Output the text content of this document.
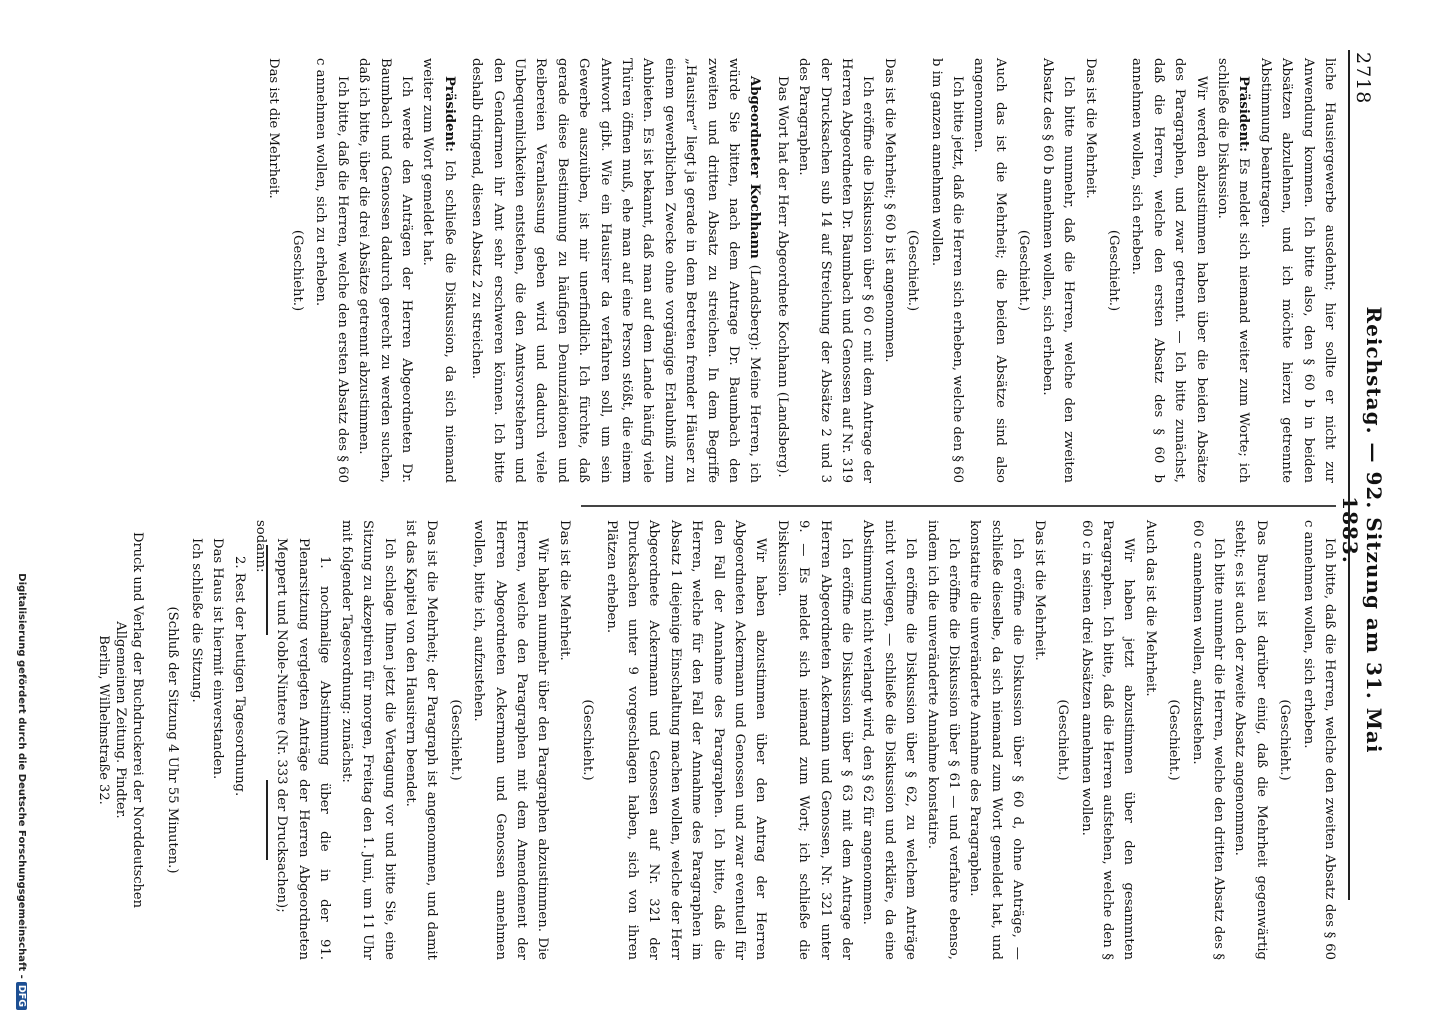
2718
Reichstag. — 92. Sitzung am 31. Mai 1883.

liche Hausiergewerbe ausdehnt; hier sollte er nicht zur Anwendung kommen. Ich bitte also, den § 60 b in beiden Absätzen abzulehnen, und ich möchte hierzu getrennte Abstimmung beantragen.

Präsident: Es meldet sich niemand weiter zum Worte; ich schließe die Diskussion.

Wir werden abzustimmen haben über die beiden Absätze des Paragraphen, und zwar getrennt. — Ich bitte zunächst, daß die Herren, welche den ersten Absatz des § 60 b annehmen wollen, sich erheben.

(Geschieht.)

Das ist die Mehrheit.

Ich bitte nunmehr, daß die Herren, welche den zweiten Absatz des § 60 b annehmen wollen, sich erheben.

(Geschieht.)

Auch das ist die Mehrheit; die beiden Absätze sind also angenommen.

Ich bitte jetzt, daß die Herren sich erheben, welche den § 60 b im ganzen annehmen wollen.

(Geschieht.)

Das ist die Mehrheit; § 60 b ist angenommen.

Ich eröffne die Diskussion über § 60 c mit dem Antrage der Herren Abgeordneten Dr. Baumbach und Genossen auf Nr. 319 der Drucksachen sub 14 auf Streichung der Absätze 2 und 3 des Paragraphen.

Das Wort hat der Herr Abgeordnete Kochhann (Landsberg).

Abgeordneter Kochhann (Landsberg): Meine Herren, ich würde Sie bitten, nach dem Antrage Dr. Baumbach den zweiten und dritten Absatz zu streichen. In dem Begriffe „Hausirer“ liegt ja gerade in dem Betreten fremder Häuser zu einem gewerblichen Zwecke ohne vorgängige Erlaubniß zum Anbieten. Es ist bekannt, daß man auf dem Lande häufig viele Thüren öffnen muß, ehe man auf eine Person stößt, die einem Antwort gibt. Wie ein Hausirer da verfahren soll, um sein Gewerbe auszuüben, ist mir unerfindlich. Ich fürchte, daß gerade diese Bestimmung zu häufigen Denunziationen und Reibereien Veranlassung geben wird und dadurch viele Unbequemlichkeiten entstehen, die den Amtsvorstehern und den Gendarmen ihr Amt sehr erschweren können. Ich bitte deshalb dringend, diesen Absatz 2 zu streichen.

Präsident: Ich schließe die Diskussion, da sich niemand weiter zum Wort gemeldet hat.

Ich werde den Anträgen der Herren Abgeordneten Dr. Baumbach und Genossen dadurch gerecht zu werden suchen, daß ich bitte, über die drei Absätze getrennt abzustimmen.

Ich bitte, daß die Herren, welche den ersten Absatz des § 60 c annehmen wollen, sich zu erheben.

(Geschieht.)

Das ist die Mehrheit.

Ich bitte, daß die Herren, welche den zweiten Absatz des § 60 c annehmen wollen, sich erheben.

(Geschieht.)

Das Bureau ist darüber einig, daß die Mehrheit gegenwärtig steht; es ist auch der zweite Absatz angenommen.

Ich bitte nunmehr die Herren, welche den dritten Absatz des § 60 c annehmen wollen, aufzustehen.

(Geschieht.)

Auch das ist die Mehrheit.

Wir haben jetzt abzustimmen über den gesammten Paragraphen. Ich bitte, daß die Herren aufstehen, welche den § 60 c in seinen drei Absätzen annehmen wollen.

(Geschieht.)

Das ist die Mehrheit.

Ich eröffne die Diskussion über § 60 d, ohne Anträge, — schließe dieselbe, da sich niemand zum Wort gemeldet hat, und konstatire die unveränderte Annahme des Paragraphen.

Ich eröffne die Diskussion über § 61 — und verfahre ebenso, indem ich die unveränderte Annahme konstatire.

Ich eröffne die Diskussion über § 62, zu welchem Anträge nicht vorliegen, — schließe die Diskussion und erkläre, da eine Abstimmung nicht verlangt wird, den § 62 für angenommen.

Ich eröffne die Diskussion über § 63 mit dem Antrage der Herren Abgeordneten Ackermann und Genossen, Nr. 321 unter 9. — Es meldet sich niemand zum Wort; ich schließe die Diskussion.

Wir haben abzustimmen über den Antrag der Herren Abgeordneten Ackermann und Genossen und zwar eventuell für den Fall der Annahme des Paragraphen. Ich bitte, daß die Herren, welche für den Fall der Annahme des Paragraphen im Absatz 1 diejenige Einschaltung machen wollen, welche der Herr Abgeordnete Ackermann und Genossen auf Nr. 321 der Drucksachen unter 9 vorgeschlagen haben, sich von ihren Plätzen erheben.

(Geschieht.)

Das ist die Mehrheit.

Wir haben nunmehr über den Paragraphen abzustimmen. Die Herren, welche den Paragraphen mit dem Amendement der Herren Abgeordneten Ackermann und Genossen annehmen wollen, bitte ich, aufzustehen.

(Geschieht.)

Das ist die Mehrheit; der Paragraph ist angenommen, und damit ist das Kapitel von den Hausirern beendet.

Ich schlage Ihnen jetzt die Vertagung vor und bitte Sie, eine Sitzung zu akzeptiren für morgen, Freitag den 1. Juni, um 11 Uhr mit folgender Tagesordnung: zunächst:

1. nochmalige Abstimmung über die in der 91. Plenarsitzung verglegten Anträge der Herren Abgeordneten Meppert und Noble-Nintere (Nr. 333 der Drucksachen);

sodann:

2. Rest der heutigen Tagesordnung.

Das Haus ist hiermit einverstanden.

Ich schließe die Sitzung.

(Schluß der Sitzung 4 Uhr 55 Minuten.)

Druck und Verlag der Buchdruckerei der Norddeutschen Allgemeinen Zeitung. Pindter.
Berlin, Wilhelmstraße 32.
Digitalisierung gefördert durch die Deutsche Forschungsgemeinschaft -DFG
